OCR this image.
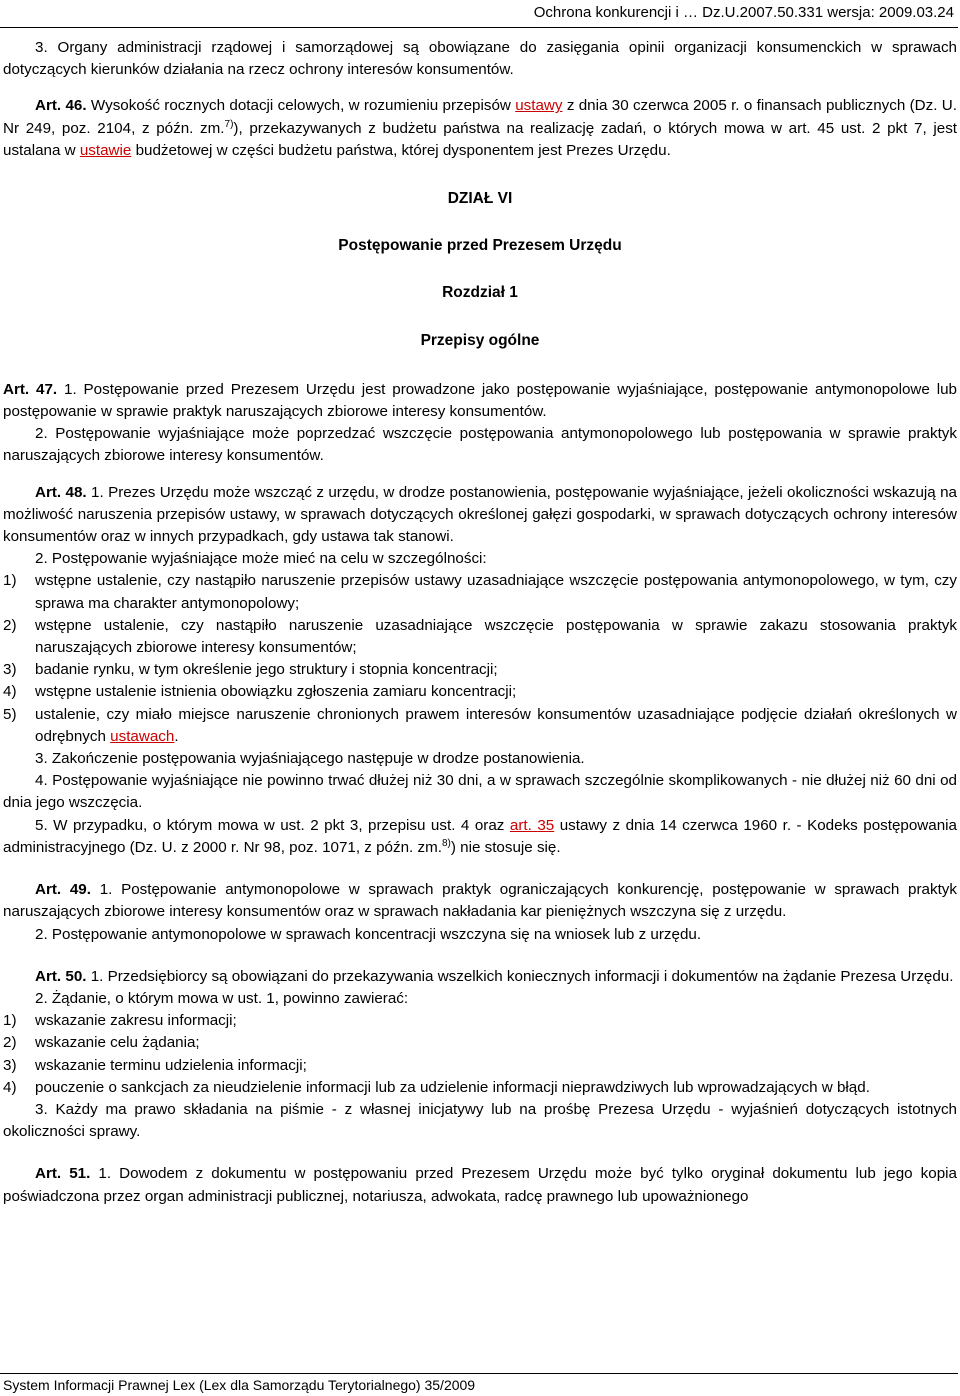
Ochrona konkurencji i … Dz.U.2007.50.331 wersja: 2009.03.24
3. Organy administracji rządowej i samorządowej są obowiązane do zasięgania opinii organizacji konsumenckich w sprawach dotyczących kierunków działania na rzecz ochrony interesów konsumentów.
Art. 46. Wysokość rocznych dotacji celowych, w rozumieniu przepisów ustawy z dnia 30 czerwca 2005 r. o finansach publicznych (Dz. U. Nr 249, poz. 2104, z późn. zm.$^{7)}$), przekazywanych z budżetu państwa na realizację zadań, o których mowa w art. 45 ust. 2 pkt 7, jest ustalana w ustawie budżetowej w części budżetu państwa, której dysponentem jest Prezes Urzędu.
DZIAŁ VI
Postępowanie przed Prezesem Urzędu
Rozdział 1
Przepisy ogólne
Art. 47. 1. Postępowanie przed Prezesem Urzędu jest prowadzone jako postępowanie wyjaśniające, postępowanie antymonopolowe lub postępowanie w sprawie praktyk naruszających zbiorowe interesy konsumentów.
2. Postępowanie wyjaśniające może poprzedzać wszczęcie postępowania antymonopolowego lub postępowania w sprawie praktyk naruszających zbiorowe interesy konsumentów.
Art. 48. 1. Prezes Urzędu może wszcząć z urzędu, w drodze postanowienia, postępowanie wyjaśniające, jeżeli okoliczności wskazują na możliwość naruszenia przepisów ustawy, w sprawach dotyczących określonej gałęzi gospodarki, w sprawach dotyczących ochrony interesów konsumentów oraz w innych przypadkach, gdy ustawa tak stanowi.
2. Postępowanie wyjaśniające może mieć na celu w szczególności:
1)	wstępne ustalenie, czy nastąpiło naruszenie przepisów ustawy uzasadniające wszczęcie postępowania antymonopolowego, w tym, czy sprawa ma charakter antymonopolowy;
2)	wstępne ustalenie, czy nastąpiło naruszenie uzasadniające wszczęcie postępowania w sprawie zakazu stosowania praktyk naruszających zbiorowe interesy konsumentów;
3)	badanie rynku, w tym określenie jego struktury i stopnia koncentracji;
4)	wstępne ustalenie istnienia obowiązku zgłoszenia zamiaru koncentracji;
5)	ustalenie, czy miało miejsce naruszenie chronionych prawem interesów konsumentów uzasadniające podjęcie działań określonych w odrębnych ustawach.
3. Zakończenie postępowania wyjaśniającego następuje w drodze postanowienia.
4. Postępowanie wyjaśniające nie powinno trwać dłużej niż 30 dni, a w sprawach szczególnie skomplikowanych - nie dłużej niż 60 dni od dnia jego wszczęcia.
5. W przypadku, o którym mowa w ust. 2 pkt 3, przepisu ust. 4 oraz art. 35 ustawy z dnia 14 czerwca 1960 r. - Kodeks postępowania administracyjnego (Dz. U. z 2000 r. Nr 98, poz. 1071, z późn. zm.$^{8)}$) nie stosuje się.
Art. 49. 1. Postępowanie antymonopolowe w sprawach praktyk ograniczających konkurencję, postępowanie w sprawach praktyk naruszających zbiorowe interesy konsumentów oraz w sprawach nakładania kar pieniężnych wszczyna się z urzędu.
2. Postępowanie antymonopolowe w sprawach koncentracji wszczyna się na wniosek lub z urzędu.
Art. 50. 1. Przedsiębiorcy są obowiązani do przekazywania wszelkich koniecznych informacji i dokumentów na żądanie Prezesa Urzędu.
2. Żądanie, o którym mowa w ust. 1, powinno zawierać:
1)	wskazanie zakresu informacji;
2)	wskazanie celu żądania;
3)	wskazanie terminu udzielenia informacji;
4)	pouczenie o sankcjach za nieudzielenie informacji lub za udzielenie informacji nieprawdziwych lub wprowadzających w błąd.
3. Każdy ma prawo składania na piśmie - z własnej inicjatywy lub na prośbę Prezesa Urzędu - wyjaśnień dotyczących istotnych okoliczności sprawy.
Art. 51. 1. Dowodem z dokumentu w postępowaniu przed Prezesem Urzędu może być tylko oryginał dokumentu lub jego kopia poświadczona przez organ administracji publicznej, notariusza, adwokata, radcę prawnego lub upoważnionego
System Informacji Prawnej Lex (Lex dla Samorządu Terytorialnego) 35/2009
